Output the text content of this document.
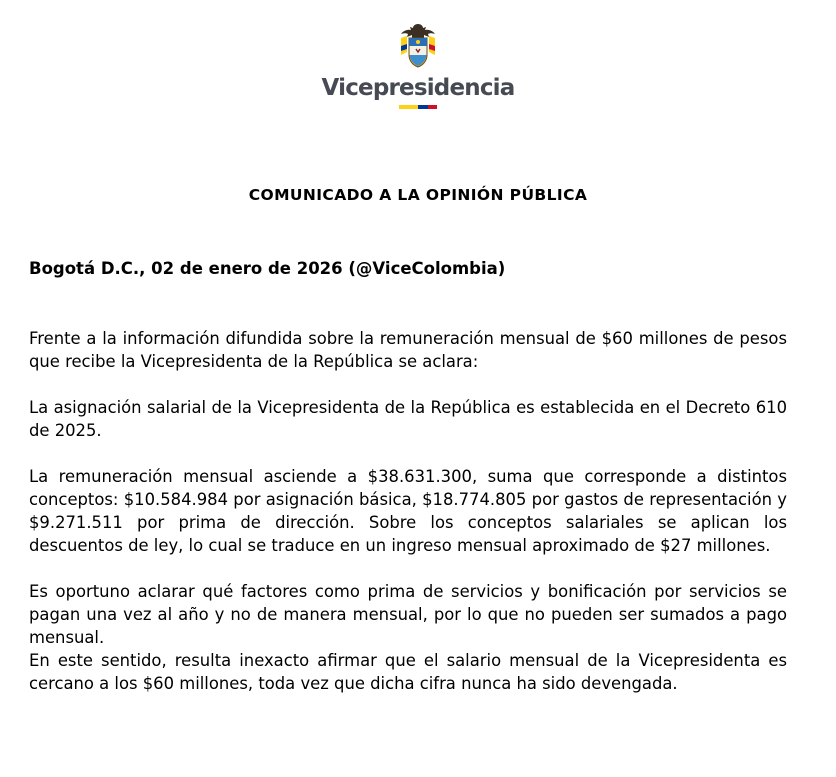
Vicepresidencia
COMUNICADO A LA OPINIÓN PÚBLICA
Bogotá D.C., 02 de enero de 2026 (@ViceColombia)

Frente a la información difundida sobre la remuneración mensual de $60 millones de pesos que recibe la Vicepresidenta de la República se aclara:

La asignación salarial de la Vicepresidenta de la República es establecida en el Decreto 610 de 2025.

La remuneración mensual asciende a $38.631.300, suma que corresponde a distintos conceptos: $10.584.984 por asignación básica, $18.774.805 por gastos de representación y $9.271.511 por prima de dirección. Sobre los conceptos salariales se aplican los descuentos de ley, lo cual se traduce en un ingreso mensual aproximado de $27 millones.

Es oportuno aclarar qué factores como prima de servicios y bonificación por servicios se pagan una vez al año y no de manera mensual, por lo que no pueden ser sumados a pago mensual.

En este sentido, resulta inexacto afirmar que el salario mensual de la Vicepresidenta es cercano a los $60 millones, toda vez que dicha cifra nunca ha sido devengada.
